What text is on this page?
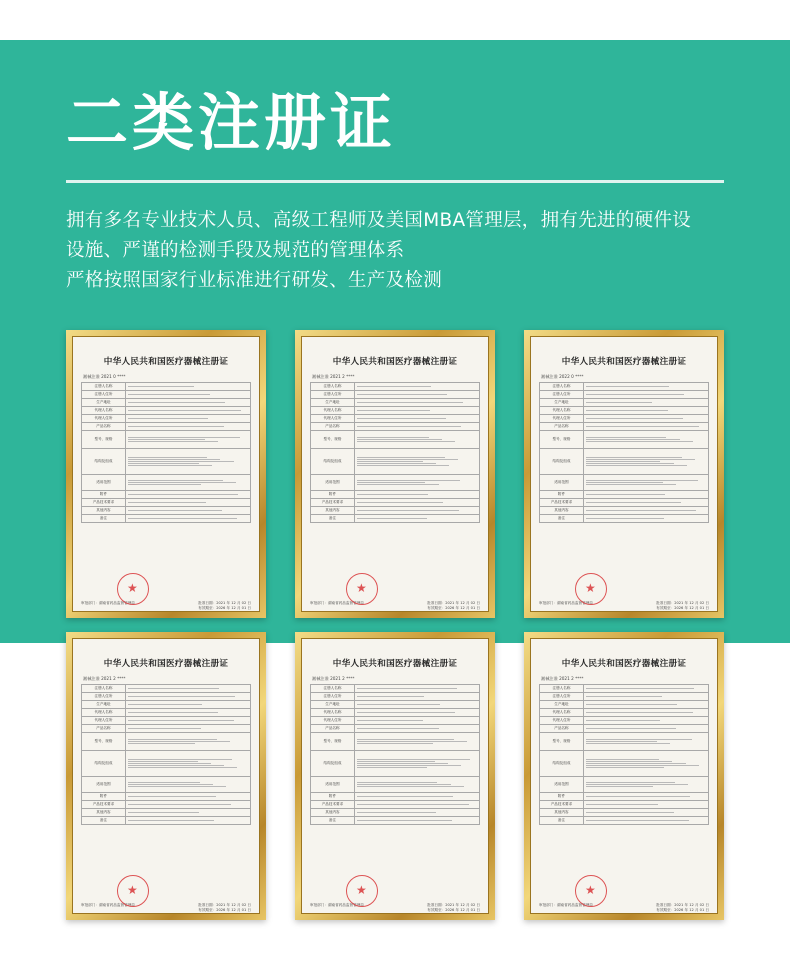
二类注册证
拥有多名专业技术人员、高级工程师及美国MBA管理层，拥有先进的硬件设
设施、严谨的检测手段及规范的管理体系
严格按照国家行业标准进行研发、生产及检测
中华人民共和国医疗器械注册证
湘械注准 2021 0 ****
注册人名称	

注册人住所	

生产地址	

代理人名称	

代理人住所	

产品名称	

型号、规格	

结构及组成	

适用范围	

附件	

产品技术要求	

其他内容	

备注	
审批部门：湖南省药品监督管理局	批准日期：2021 年 12 月 02 日
有效期至：2026 年 12 月 01 日
★
中华人民共和国医疗器械注册证
湘械注准 2021 2 ****
注册人名称	

注册人住所	

生产地址	

代理人名称	

代理人住所	

产品名称	

型号、规格	

结构及组成	

适用范围	

附件	

产品技术要求	

其他内容	

备注	
审批部门：湖南省药品监督管理局	批准日期：2021 年 12 月 02 日
有效期至：2026 年 12 月 01 日
★
中华人民共和国医疗器械注册证
湘械注准 2022 0 ****
注册人名称	

注册人住所	

生产地址	

代理人名称	

代理人住所	

产品名称	

型号、规格	

结构及组成	

适用范围	

附件	

产品技术要求	

其他内容	

备注	
审批部门：湖南省药品监督管理局	批准日期：2021 年 12 月 02 日
有效期至：2026 年 12 月 01 日
★
中华人民共和国医疗器械注册证
湘械注准 2021 2 ****
注册人名称	

注册人住所	

生产地址	

代理人名称	

代理人住所	

产品名称	

型号、规格	

结构及组成	

适用范围	

附件	

产品技术要求	

其他内容	

备注	
审批部门：湖南省药品监督管理局	批准日期：2021 年 12 月 02 日
有效期至：2026 年 12 月 01 日
★
中华人民共和国医疗器械注册证
湘械注准 2021 2 ****
注册人名称	

注册人住所	

生产地址	

代理人名称	

代理人住所	

产品名称	

型号、规格	

结构及组成	

适用范围	

附件	

产品技术要求	

其他内容	

备注	
审批部门：湖南省药品监督管理局	批准日期：2021 年 12 月 02 日
有效期至：2026 年 12 月 01 日
★
中华人民共和国医疗器械注册证
湘械注准 2021 2 ****
注册人名称	

注册人住所	

生产地址	

代理人名称	

代理人住所	

产品名称	

型号、规格	

结构及组成	

适用范围	

附件	

产品技术要求	

其他内容	

备注	
审批部门：湖南省药品监督管理局	批准日期：2021 年 12 月 02 日
有效期至：2026 年 12 月 01 日
★
